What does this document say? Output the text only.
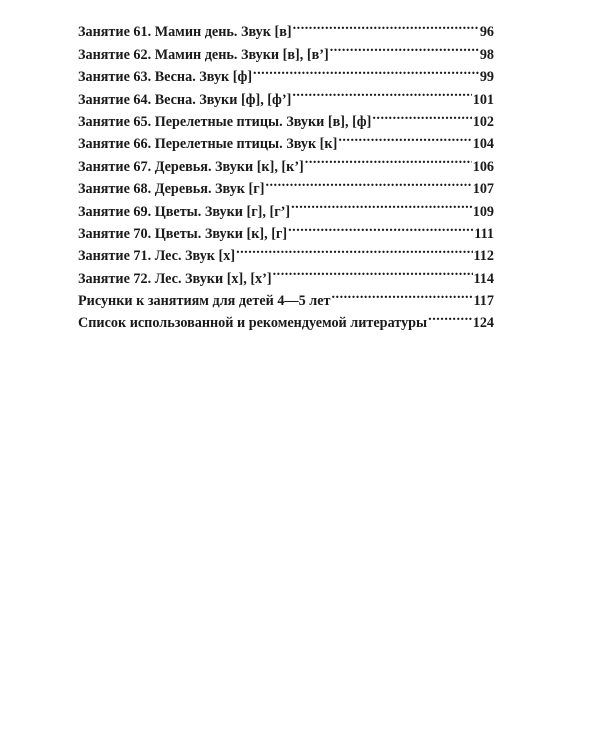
Занятие 61. Мамин день. Звук [в] .....	96
Занятие 62. Мамин день. Звуки [в], [в’] .....	98
Занятие 63. Весна. Звук [ф] .....	99
Занятие 64. Весна. Звуки [ф], [ф’] .....	101
Занятие 65. Перелетные птицы. Звуки [в], [ф] .....	102
Занятие 66. Перелетные птицы. Звук [к] .....	104
Занятие 67. Деревья. Звуки [к], [к’] .....	106
Занятие 68. Деревья. Звук [г] .....	107
Занятие 69. Цветы. Звуки [г], [г’] .....	109
Занятие 70. Цветы. Звуки [к], [г] .....	111
Занятие 71. Лес. Звук [х] .....	112
Занятие 72. Лес. Звуки [х], [х’] .....	114
Рисунки к занятиям для детей 4—5 лет .....	117
Список использованной и рекомендуемой литературы .....	124
